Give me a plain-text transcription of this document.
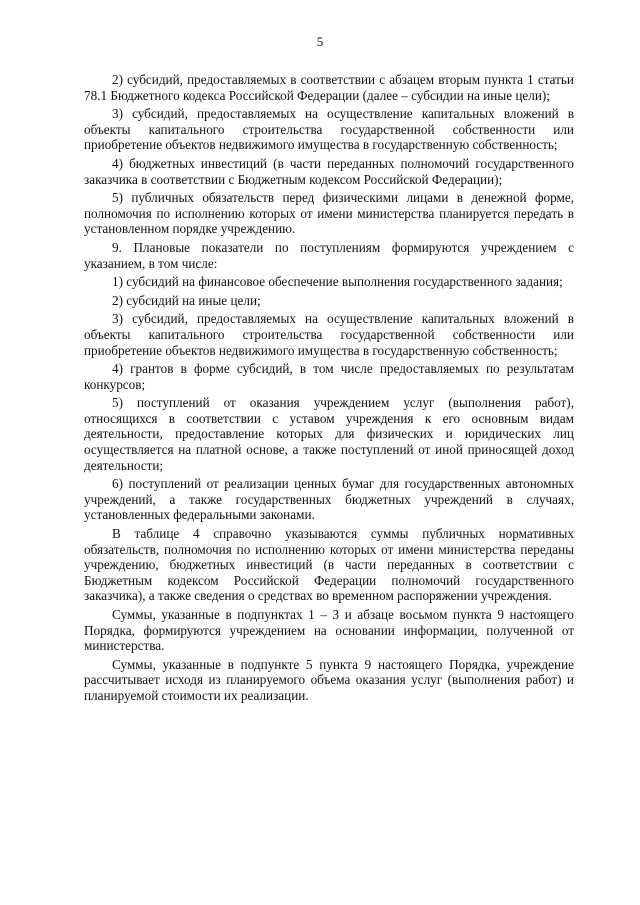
5

2) субсидий, предоставляемых в соответствии с абзацем вторым пункта 1 статьи 78.1 Бюджетного кодекса Российской Федерации (далее – субсидии на иные цели);

3) субсидий, предоставляемых на осуществление капитальных вложений в объекты капитального строительства государственной собственности или приобретение объектов недвижимого имущества в государственную собственность;

4) бюджетных инвестиций (в части переданных полномочий государственного заказчика в соответствии с Бюджетным кодексом Российской Федерации);

5) публичных обязательств перед физическими лицами в денежной форме, полномочия по исполнению которых от имени министерства планируется передать в установленном порядке учреждению.

9. Плановые показатели по поступлениям формируются учреждением с указанием, в том числе:

1) субсидий на финансовое обеспечение выполнения государственного задания;

2) субсидий на иные цели;

3) субсидий, предоставляемых на осуществление капитальных вложений в объекты капитального строительства государственной собственности или приобретение объектов недвижимого имущества в государственную собственность;

4) грантов в форме субсидий, в том числе предоставляемых по результатам конкурсов;

5) поступлений от оказания учреждением услуг (выполнения работ), относящихся в соответствии с уставом учреждения к его основным видам деятельности, предоставление которых для физических и юридических лиц осуществляется на платной основе, а также поступлений от иной приносящей доход деятельности;

6) поступлений от реализации ценных бумаг для государственных автономных учреждений, а также государственных бюджетных учреждений в случаях, установленных федеральными законами.

В таблице 4 справочно указываются суммы публичных нормативных обязательств, полномочия по исполнению которых от имени министерства переданы учреждению, бюджетных инвестиций (в части переданных в соответствии с Бюджетным кодексом Российской Федерации полномочий государственного заказчика), а также сведения о средствах во временном распоряжении учреждения.

Суммы, указанные в подпунктах 1 – 3 и абзаце восьмом пункта 9 настоящего Порядка, формируются учреждением на основании информации, полученной от министерства.

Суммы, указанные в подпункте 5 пункта 9 настоящего Порядка, учреждение рассчитывает исходя из планируемого объема оказания услуг (выполнения работ) и планируемой стоимости их реализации.
